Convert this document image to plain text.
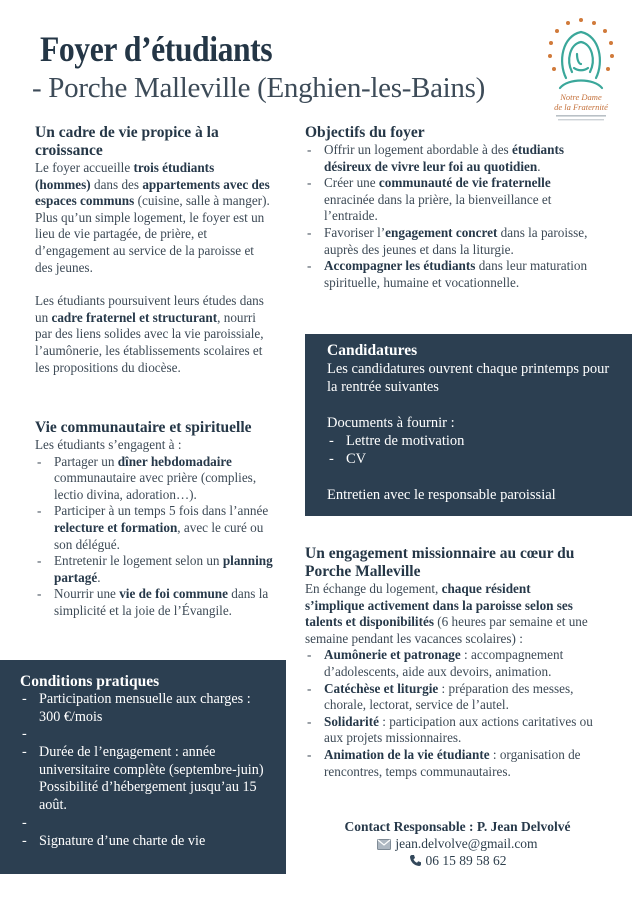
Foyer d’étudiants
- Porche Malleville (Enghien-les-Bains)	Notre Dame
de la Fraternité
Un cadre de vie propice à la croissance

Le foyer accueille trois étudiants (hommes) dans des appartements avec des espaces communs (cuisine, salle à manger). Plus qu’un simple logement, le foyer est un lieu de vie partagée, de prière, et d’engagement au service de la paroisse et des jeunes.

Les étudiants poursuivent leurs études dans un cadre fraternel et structurant, nourri par des liens solides avec la vie paroissiale, l’aumônerie, les établissements scolaires et les propositions du diocèse.

Vie communautaire et spirituelle

Les étudiants s’engagent à :

- Partager un dîner hebdomadaire communautaire avec prière (complies, lectio divina, adoration…).
- Participer à un temps 5 fois dans l’année relecture et formation, avec le curé ou son délégué.
- Entretenir le logement selon un planning partagé.
- Nourrir une vie de foi commune dans la simplicité et la joie de l’Évangile.
Conditions pratiques
- Participation mensuelle aux charges : 300 €/mois
-
- Durée de l’engagement : année universitaire complète (septembre-juin) Possibilité d’hébergement jusqu’au 15 août.
-
- Signature d’une charte de vie
Objectifs du foyer
- Offrir un logement abordable à des étudiants désireux de vivre leur foi au quotidien.
- Créer une communauté de vie fraternelle enracinée dans la prière, la bienveillance et l’entraide.
- Favoriser l’engagement concret dans la paroisse, auprès des jeunes et dans la liturgie.
- Accompagner les étudiants dans leur maturation spirituelle, humaine et vocationnelle.
Candidatures

Les candidatures ouvrent chaque printemps pour la rentrée suivantes

Documents à fournir :

- Lettre de motivation
- CV

Entretien avec le responsable paroissial

Un engagement missionnaire au cœur du Porche Malleville

En échange du logement, chaque résident s’implique activement dans la paroisse selon ses talents et disponibilités (6 heures par semaine et une semaine pendant les vacances scolaires) :

- Aumônerie et patronage : accompagnement d’adolescents, aide aux devoirs, animation.
- Catéchèse et liturgie : préparation des messes, chorale, lectorat, service de l’autel.
- Solidarité : participation aux actions caritatives ou aux projets missionnaires.
- Animation de la vie étudiante : organisation de rencontres, temps communautaires.
Contact Responsable : P. Jean Delvolvé
jean.delvolve@gmail.com
06 15 89 58 62
